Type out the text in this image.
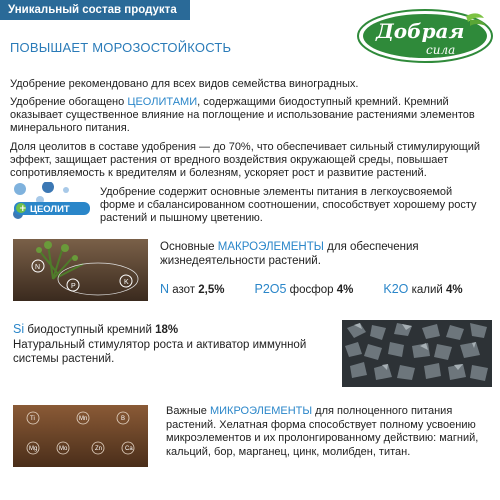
Уникальный состав продукта
ПОВЫШАЕТ МОРОЗОСТОЙКОСТЬ
Добрая
сила
Удобрение рекомендовано для всех видов семейства виноградных.
Удобрение обогащено ЦЕОЛИТАМИ, содержащими биодоступный кремний. Кремний оказывает существенное влияние на поглощение и использование растениями элементов минерального питания.
Доля цеолитов в составе удобрения — до 70%, что обеспечивает сильный стимулирующий эффект, защищает растения от вредного воздействия окружающей среды, повышает сопротивляемость к вредителям и болезням, ускоряет рост и развитие растений.
+ ЦЕОЛИТ
Удобрение содержит основные элементы питания в легкоусвояемой форме и сбалансированном соотношении, способствует хорошему росту растений и пышному цветению.
N
P
K
Основные МАКРОЭЛЕМЕНТЫ для обеспечения жизнедеятельности растений.
N азот 2,5% P2O5 фосфор 4% K2O калий 4%
Si биодоступный кремний 18%
Натуральный стимулятор роста и активатор иммунной системы растений.
Ti	Mn	B
Mg	Mo	Zn	Ca
Важные МИКРОЭЛЕМЕНТЫ для полноценного питания растений. Хелатная форма способствует полному усвоению микроэлементов и их пролонгированному действию: магний, кальций, бор, марганец, цинк, молибден, титан.
